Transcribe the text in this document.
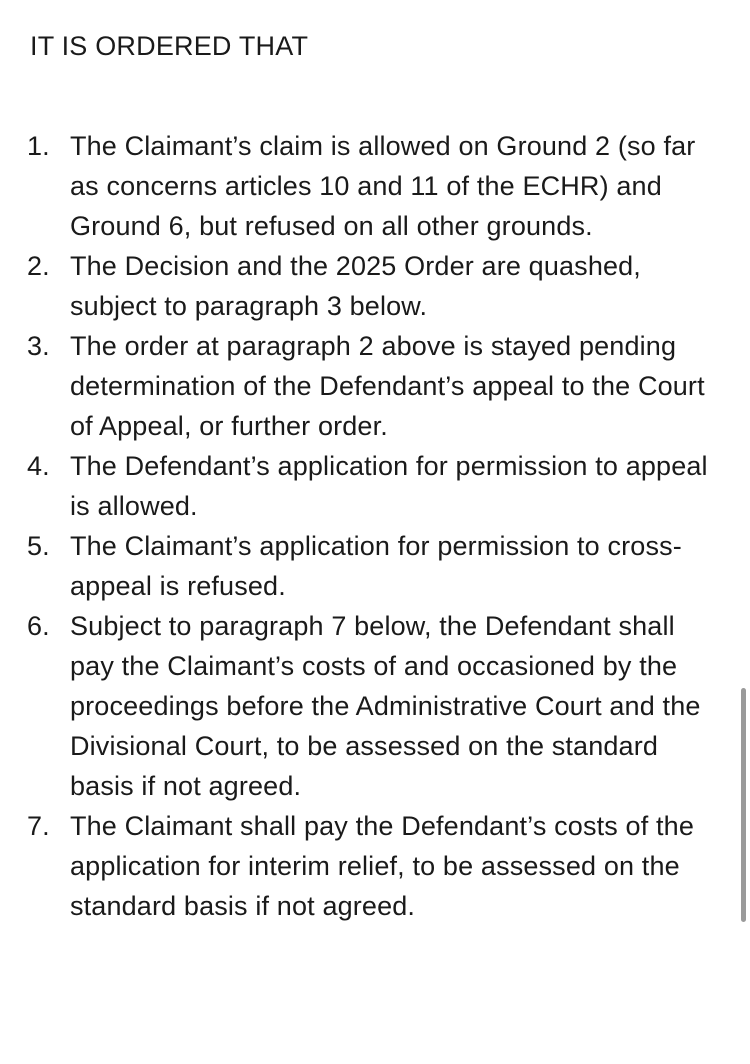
IT IS ORDERED THAT
1. The Claimant’s claim is allowed on Ground 2 (so far as concerns articles 10 and 11 of the ECHR) and Ground 6, but refused on all other grounds.
2. The Decision and the 2025 Order are quashed, subject to paragraph 3 below.
3. The order at paragraph 2 above is stayed pending determination of the Defendant’s appeal to the Court of Appeal, or further order.
4. The Defendant’s application for permission to appeal is allowed.
5. The Claimant’s application for permission to cross-appeal is refused.
6. Subject to paragraph 7 below, the Defendant shall pay the Claimant’s costs of and occasioned by the proceedings before the Administrative Court and the Divisional Court, to be assessed on the standard basis if not agreed.
7. The Claimant shall pay the Defendant’s costs of the application for interim relief, to be assessed on the standard basis if not agreed.
